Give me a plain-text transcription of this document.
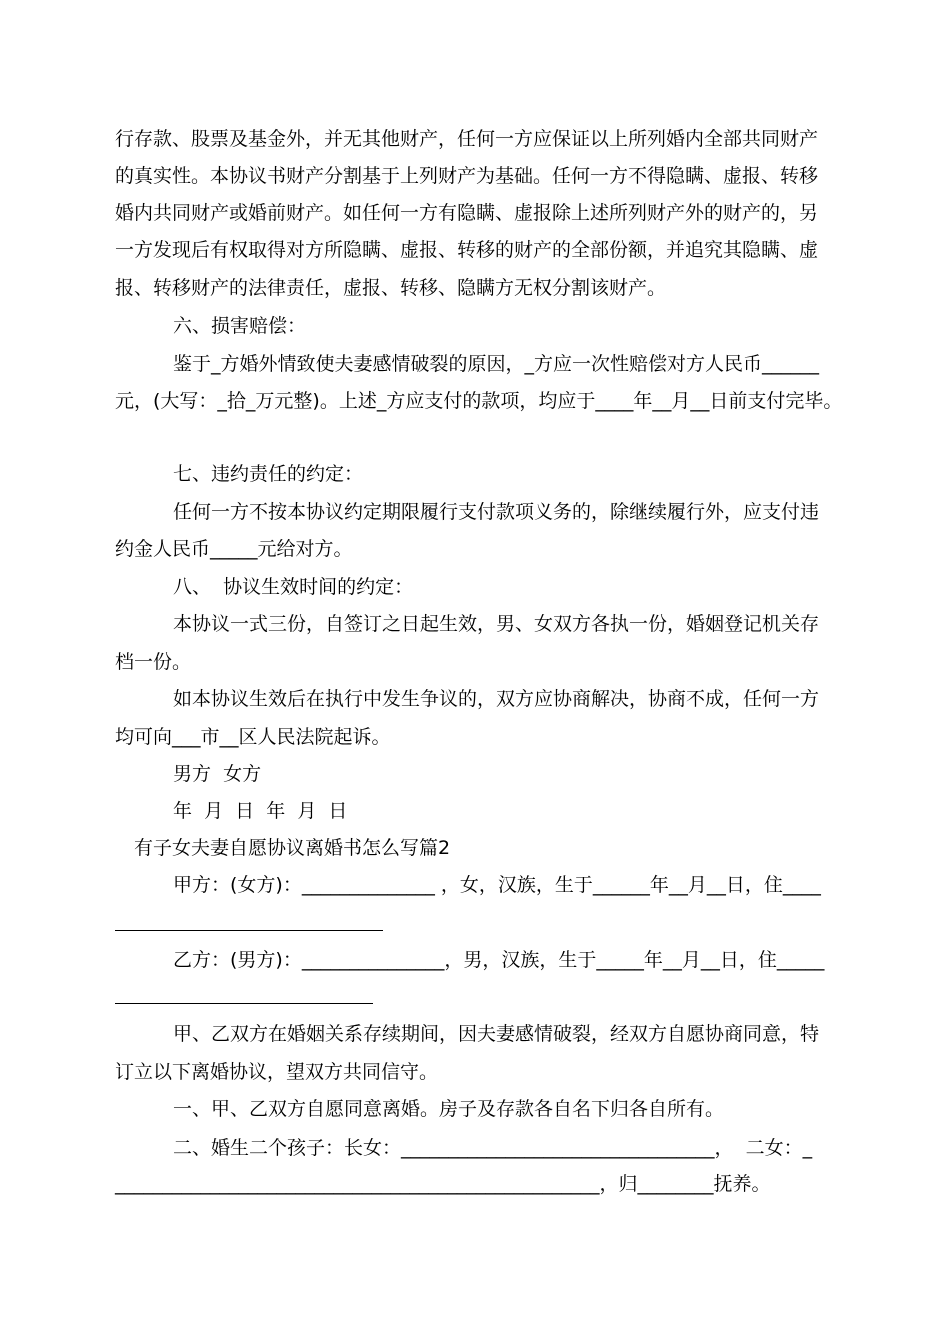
行存款、股票及基金外，并无其他财产，任何一方应保证以上所列婚内全部共同财产
的真实性。本协议书财产分割基于上列财产为基础。任何一方不得隐瞒、虚报、转移
婚内共同财产或婚前财产。如任何一方有隐瞒、虚报除上述所列财产外的财产的，另
一方发现后有权取得对方所隐瞒、虚报、转移的财产的全部份额，并追究其隐瞒、虚
报、转移财产的法律责任，虚报、转移、隐瞒方无权分割该财产。
六、损害赔偿：
鉴于_方婚外情致使夫妻感情破裂的原因，_方应一次性赔偿对方人民币______
元，(大写：_拾_万元整)。上述_方应支付的款项，均应于____年__月__日前支付完毕。
七、违约责任的约定：
任何一方不按本协议约定期限履行支付款项义务的，除继续履行外，应支付违
约金人民币_____元给对方。
八、  协议生效时间的约定：
本协议一式三份，自签订之日起生效，男、女双方各执一份，婚姻登记机关存
档一份。
如本协议生效后在执行中发生争议的，双方应协商解决，协商不成，任何一方
均可向___市__区人民法院起诉。
男方  女方
年  月  日  年  月  日
有子女夫妻自愿协议离婚书怎么写篇2
甲方：(女方)：______________ ，女，汉族，生于______年__月__日，住____
乙方：(男方)：_______________，男，汉族，生于_____年__月__日，住_____
甲、乙双方在婚姻关系存续期间，因夫妻感情破裂，经双方自愿协商同意，特
订立以下离婚协议，望双方共同信守。
一、甲、乙双方自愿同意离婚。房子及存款各自名下归各自所有。
二、婚生二个孩子：长女：_________________________________，  二女：_
___________________________________________________，归________抚养。
